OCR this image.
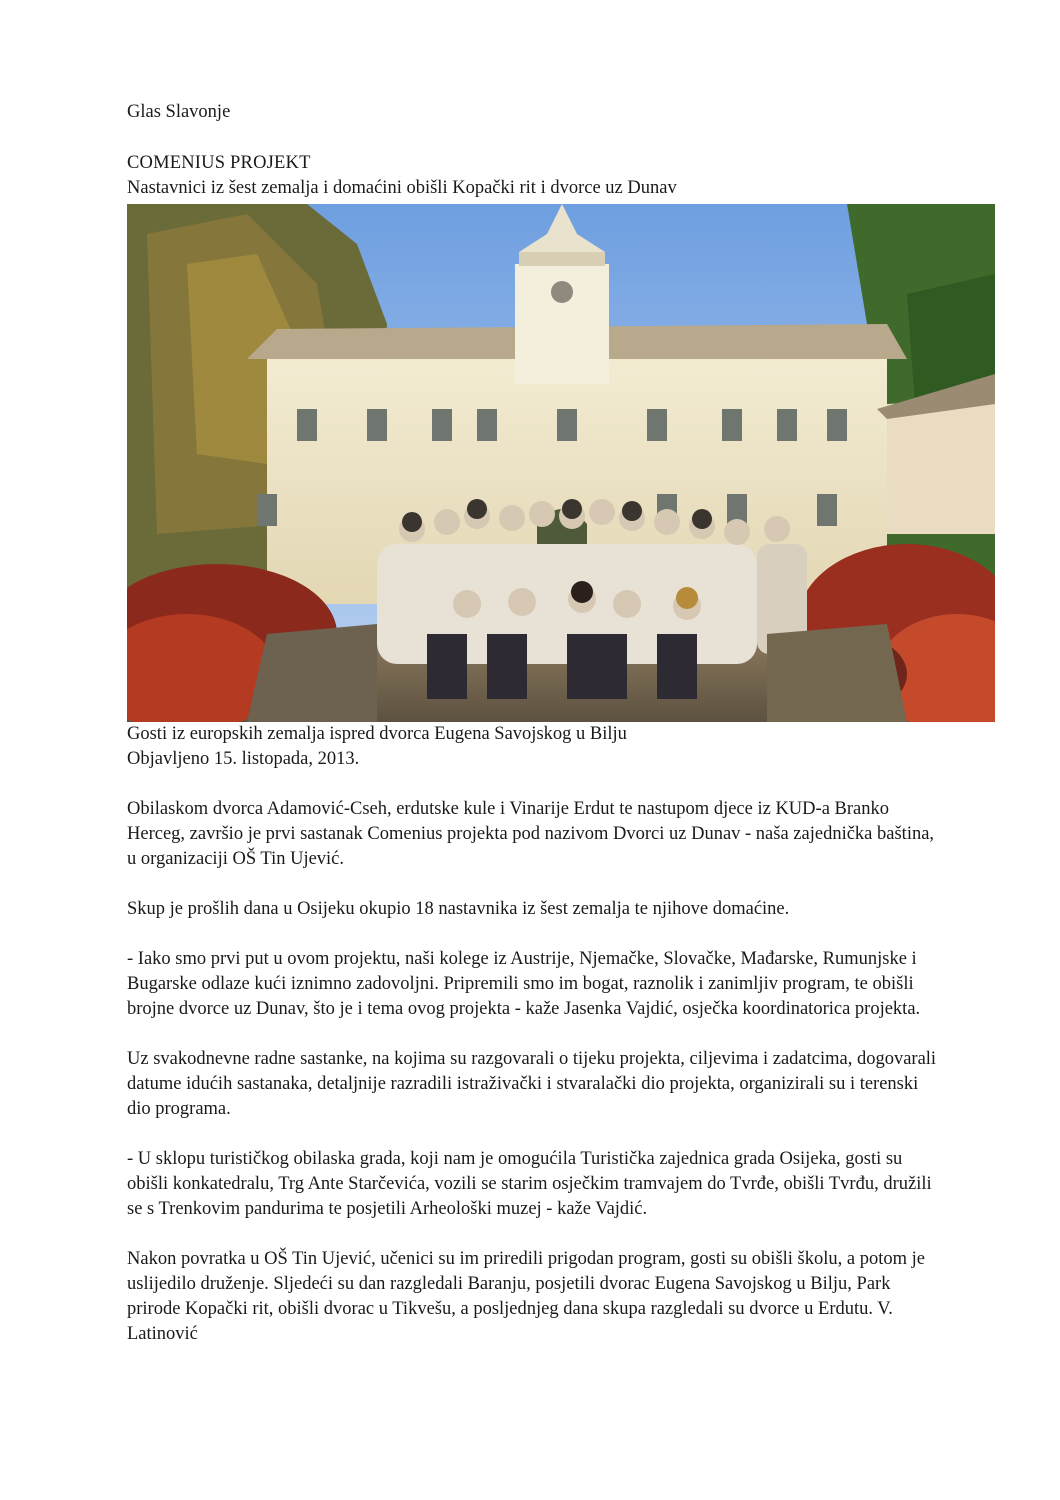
Glas Slavonje

COMENIUS PROJEKT

Nastavnici iz šest zemalja i domaćini obišli Kopački rit i dvorce uz Dunav

Gosti iz europskih zemalja ispred dvorca Eugena Savojskog u Bilju

Objavljeno 15. listopada, 2013.

Obilaskom dvorca Adamović-Cseh, erdutske kule i Vinarije Erdut te nastupom djece iz KUD-a Branko Herceg, završio je prvi sastanak Comenius projekta pod nazivom Dvorci uz Dunav - naša zajednička baština, u organizaciji OŠ Tin Ujević.

Skup je prošlih dana u Osijeku okupio 18 nastavnika iz šest zemalja te njihove domaćine.

- Iako smo prvi put u ovom projektu, naši kolege iz Austrije, Njemačke, Slovačke, Mađarske, Rumunjske i Bugarske odlaze kući iznimno zadovoljni. Pripremili smo im bogat, raznolik i zanimljiv program, te obišli brojne dvorce uz Dunav, što je i tema ovog projekta - kaže Jasenka Vajdić, osječka koordinatorica projekta.

Uz svakodnevne radne sastanke, na kojima su razgovarali o tijeku projekta, ciljevima i zadatcima, dogovarali datume idućih sastanaka, detaljnije razradili istraživački i stvaralački dio projekta, organizirali su i terenski dio programa.

- U sklopu turističkog obilaska grada, koji nam je omogućila Turistička zajednica grada Osijeka, gosti su obišli konkatedralu, Trg Ante Starčevića, vozili se starim osječkim tramvajem do Tvrđe, obišli Tvrđu, družili se s Trenkovim pandurima te posjetili Arheološki muzej - kaže Vajdić.

Nakon povratka u OŠ Tin Ujević, učenici su im priredili prigodan program, gosti su obišli školu, a potom je uslijedilo druženje. Sljedeći su dan razgledali Baranju, posjetili dvorac Eugena Savojskog u Bilju, Park prirode Kopački rit, obišli dvorac u Tikvešu, a posljednjeg dana skupa razgledali su dvorce u Erdutu. V. Latinović
